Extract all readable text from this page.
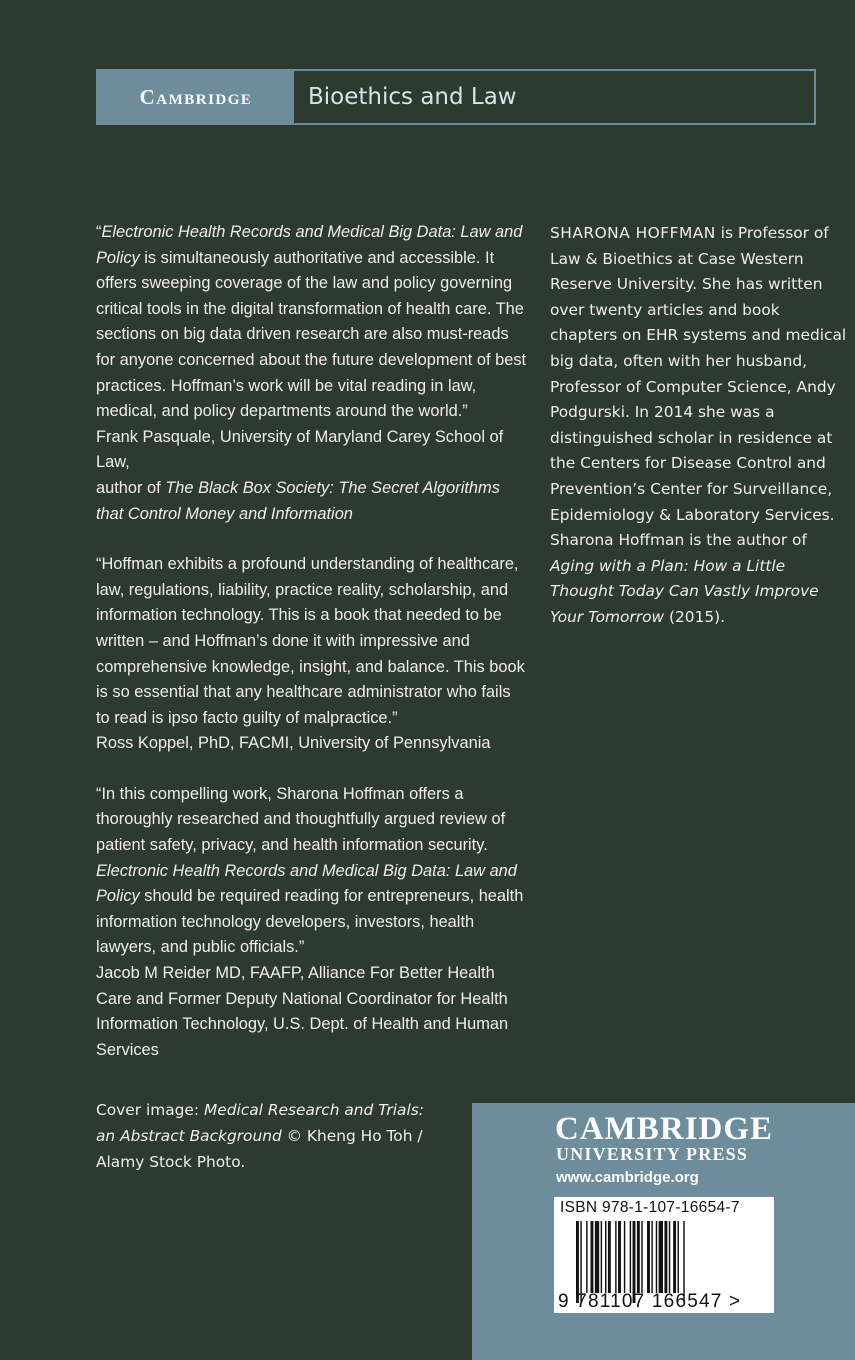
Cambridge	Bioethics and Law

“Electronic Health Records and Medical Big Data: Law and Policy is simultaneously authoritative and accessible. It offers sweeping coverage of the law and policy governing critical tools in the digital transformation of health care. The sections on big data driven research are also must-reads for anyone concerned about the future development of best practices. Hoffman’s work will be vital reading in law, medical, and policy departments around the world.”
Frank Pasquale, University of Maryland Carey School of Law,
author of The Black Box Society: The Secret Algorithms that Control Money and Information

“Hoffman exhibits a profound understanding of healthcare, law, regulations, liability, practice reality, scholarship, and information technology. This is a book that needed to be written – and Hoffman’s done it with impressive and comprehensive knowledge, insight, and balance. This book is so essential that any healthcare administrator who fails to read is ipso facto guilty of malpractice.”
Ross Koppel, PhD, FACMI, University of Pennsylvania

“In this compelling work, Sharona Hoffman offers a thoroughly researched and thoughtfully argued review of patient safety, privacy, and health information security. Electronic Health Records and Medical Big Data: Law and Policy should be required reading for entrepreneurs, health information technology developers, investors, health lawyers, and public officials.”
Jacob M Reider MD, FAAFP, Alliance For Better Health Care and Former Deputy National Coordinator for Health Information Technology, U.S. Dept. of Health and Human Services

SHARONA HOFFMAN is Professor of Law & Bioethics at Case Western Reserve University. She has written over twenty articles and book chapters on EHR systems and medical big data, often with her husband, Professor of Computer Science, Andy Podgurski. In 2014 she was a distinguished scholar in residence at the Centers for Disease Control and Prevention’s Center for Surveillance, Epidemiology & Laboratory Services. Sharona Hoffman is the author of Aging with a Plan: How a Little Thought Today Can Vastly Improve Your Tomorrow (2015).
Cover image: Medical Research and Trials: an Abstract Background © Kheng Ho Toh / Alamy Stock Photo.
CAMBRIDGE
UNIVERSITY PRESS
www.cambridge.org
ISBN 978-1-107-16654-7
9 781107 166547 >
